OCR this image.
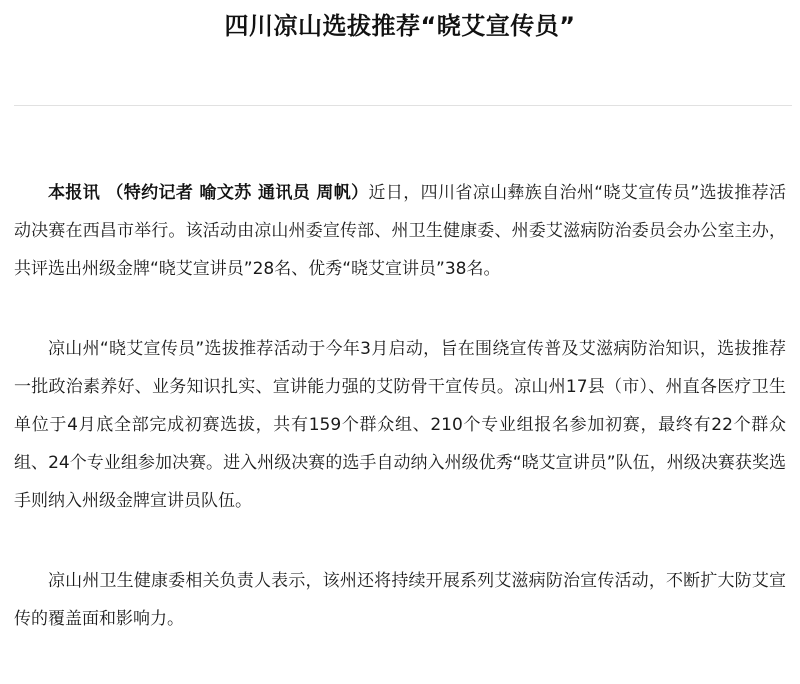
四川凉山选拔推荐“晓艾宣传员”

本报讯 （特约记者 喻文苏 通讯员 周帆）近日，四川省凉山彝族自治州“晓艾宣传员”选拔推荐活动决赛在西昌市举行。该活动由凉山州委宣传部、州卫生健康委、州委艾滋病防治委员会办公室主办，共评选出州级金牌“晓艾宣讲员”28名、优秀“晓艾宣讲员”38名。

凉山州“晓艾宣传员”选拔推荐活动于今年3月启动，旨在围绕宣传普及艾滋病防治知识，选拔推荐一批政治素养好、业务知识扎实、宣讲能力强的艾防骨干宣传员。凉山州17县（市）、州直各医疗卫生单位于4月底全部完成初赛选拔，共有159个群众组、210个专业组报名参加初赛，最终有22个群众组、24个专业组参加决赛。进入州级决赛的选手自动纳入州级优秀“晓艾宣讲员”队伍，州级决赛获奖选手则纳入州级金牌宣讲员队伍。

凉山州卫生健康委相关负责人表示，该州还将持续开展系列艾滋病防治宣传活动，不断扩大防艾宣传的覆盖面和影响力。
